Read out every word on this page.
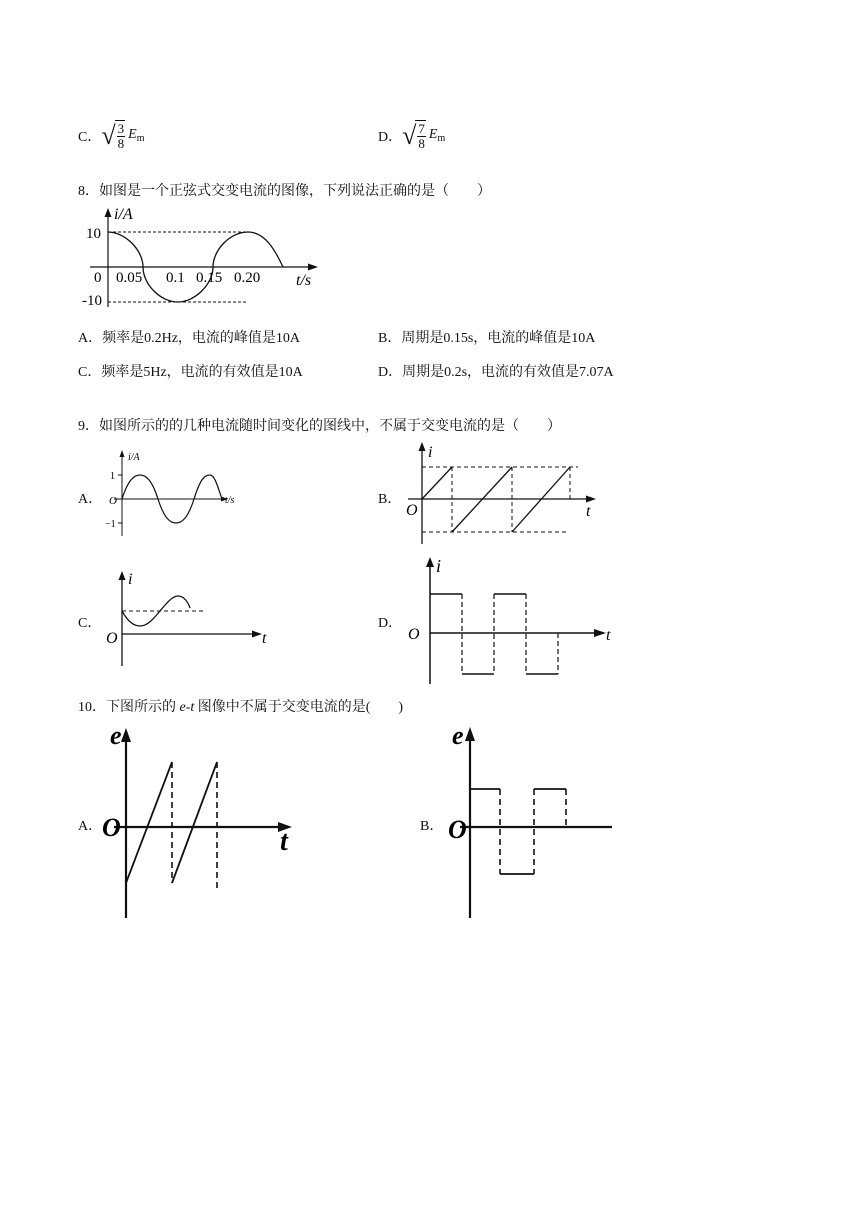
C． √ $\frac{3}{8} E_m$	D． √ $\frac{7}{8} E_m$
8．如图是一个正弦式交变电流的图像，下列说法正确的是（　　）
i/A
10
-10
0 0.05 0.1 0.15 0.20 t/s
A．频率是0.2Hz，电流的峰值是10A	B．周期是0.15s，电流的峰值是10A
C．频率是5Hz，电流的有效值是10A	D．周期是0.2s，电流的有效值是7.07A
9．如图所示的的几种电流随时间变化的图线中，不属于交变电流的是（　　）
A．
i/A
1
−1
O	t/s	B．
i
O	t
C．
i
O	t
D．
i
O	t
10．下图所示的 e-t 图像中不属于交变电流的是(　　)
A．
e
O	t	B．
e
O
